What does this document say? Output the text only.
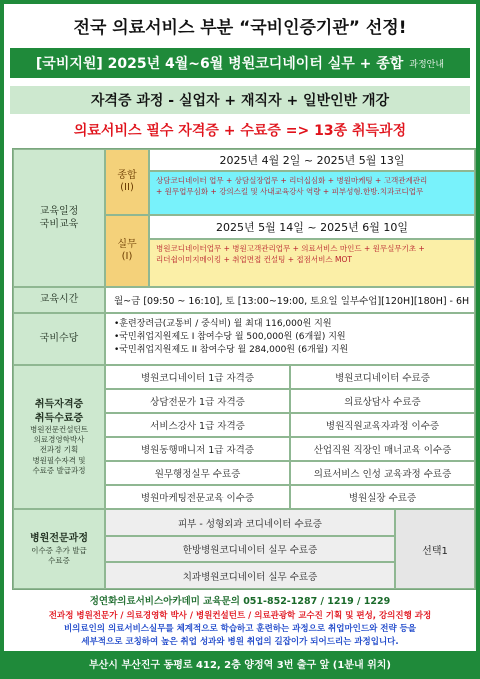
전국 의료서비스 부분 “국비인증기관” 선정!
[국비지원] 2025년 4월~6월 병원코디네이터 실무 + 종합 과정안내
자격증 과정 - 실업자 + 재직자 + 일반인반 개강
의료서비스 필수 자격증 + 수료증 => 13종 취득과정
교육일정
국비교육
종합
(II)
2025년 4월 2일 ~ 2025년 5월 13일
상담코디네이터 업무 + 상담실장업무 + 리더십심화 + 병원마케팅 + 고객관계관리
+ 원무업무심화 + 강의스킬 및 사내교육강사 역량 + 피부성형.한방.치과코디업무
실무
(I)
2025년 5월 14일 ~ 2025년 6월 10일
병원코디네이터업무 + 병원고객관리업무 + 의료서비스 마인드 + 원무실무기초 +
리더쉽이미지메이킹 + 취업면접 컨설팅 + 접점서비스 MOT
교육시간	월~금 [09:50 ~ 16:10], 토 [13:00~19:00, 토요일 일부수업][120H][180H] - 6H
국비수당
•훈련장려금(교통비 / 중식비) 월 최대 116,000원 지원
•국민취업지원제도 I 참여수당 월 500,000원 (6개월) 지원
•국민취업지원제도 II 참여수당 월 284,000원 (6개월) 지원
취득자격증
취득수료증
병원전문컨설턴트
의료경영학박사
전과정 기획
병원필수자격 및
수료증 발급과정
병원코디네이터 1급 자격증	병원코디네이터 수료증
상담전문가 1급 자격증	의료상담사 수료증
서비스강사 1급 자격증	병원직원교육자과정 이수증
병원동행매니저 1급 자격증	산업직원 직장인 매너교육 이수증
원무행정실무 수료증	의료서비스 인성 교육과정 수료증
병원마케팅전문교육 이수증	병원실장 수료증
병원전문과정
이수증 추가 발급
수료증
피부 - 성형외과 코디네이터 수료증
한방병원코디네이터 실무 수료증
치과병원코디네이터 실무 수료증
선택1
정연화의료서비스아카데미 교육문의 051-852-1287 / 1219 / 1229
전과정 병원전문가 / 의료경영학 박사 / 병원컨설턴트 / 의료관광학 교수진 기획 및 편성, 강의진행 과정
비의료인의 의료서비스실무를 체계적으로 학습하고 훈련하는 과정으로 취업마인드와 전략 등을
세부적으로 코칭하여 높은 취업 성과와 병원 취업의 길잡이가 되어드리는 과정입니다.
부산시 부산진구 동평로 412, 2층 양정역 3번 출구 앞 (1분내 위치)
